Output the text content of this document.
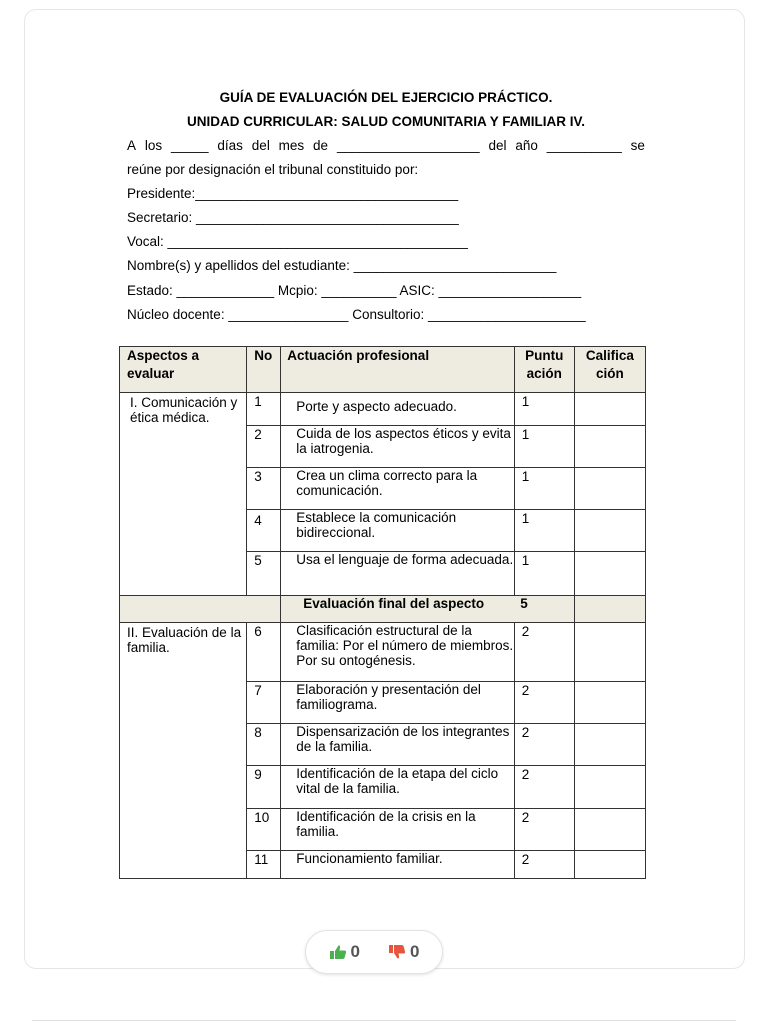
GUÍA DE EVALUACIÓN DEL EJERCICIO PRÁCTICO.
UNIDAD CURRICULAR: SALUD COMUNITARIA Y FAMILIAR IV.
A los _____ días del mes de ___________________ del año __________ se
reúne por designación el tribunal constituido por:
Presidente:___________________________________
Secretario: ___________________________________
Vocal: ________________________________________
Nombre(s) y apellidos del estudiante: ___________________________
Estado: _____________ Mcpio: __________ ASIC: ___________________
Núcleo docente: ________________ Consultorio: _____________________
Aspectos a evaluar	No	Actuación profesional	Puntu ación	Califica ción

I. Comunicación y ética médica.	1	Porte y aspecto adecuado.	1	

	2	Cuida de los aspectos éticos y evita la iatrogenia.	1	

	3	Crea un clima correcto para la comunicación.	1	

	4	Establece la comunicación bidireccional.	1	

	5	Usa el lenguaje de forma adecuada.	1	

		Evaluación final del aspecto	5	

II. Evaluación de la familia.	6	Clasificación estructural de la familia: Por el número de miembros. Por su ontogénesis.	2	

	7	Elaboración y presentación del familiograma.	2	

	8	Dispensarización de los integrantes de la familia.	2	

	9	Identificación de la etapa del ciclo vital de la familia.	2	

	10	Identificación de la crisis en la familia.	2	

	11	Funcionamiento familiar.	2	

0	0
